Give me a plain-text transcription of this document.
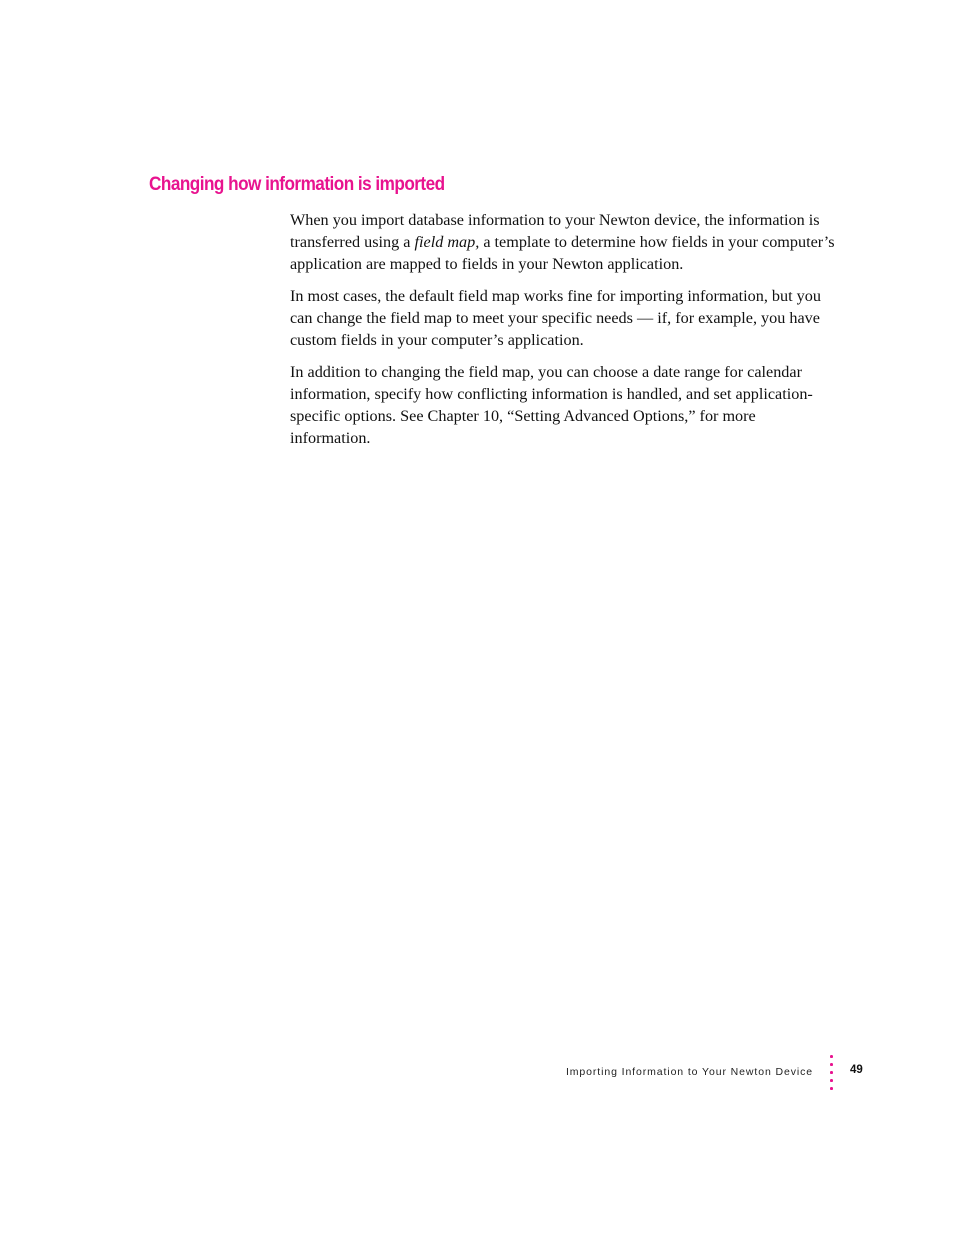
Changing how information is imported

When you import database information to your Newton device, the information is transferred using a field map, a template to determine how fields in your computer’s application are mapped to fields in your Newton application.

In most cases, the default field map works fine for importing information, but you can change the field map to meet your specific needs — if, for example, you have custom fields in your computer’s application.

In addition to changing the field map, you can choose a date range for calendar information, specify how conflicting information is handled, and set application-specific options. See Chapter 10, “Setting Advanced Options,” for more information.

Importing Information to Your Newton Device	49
